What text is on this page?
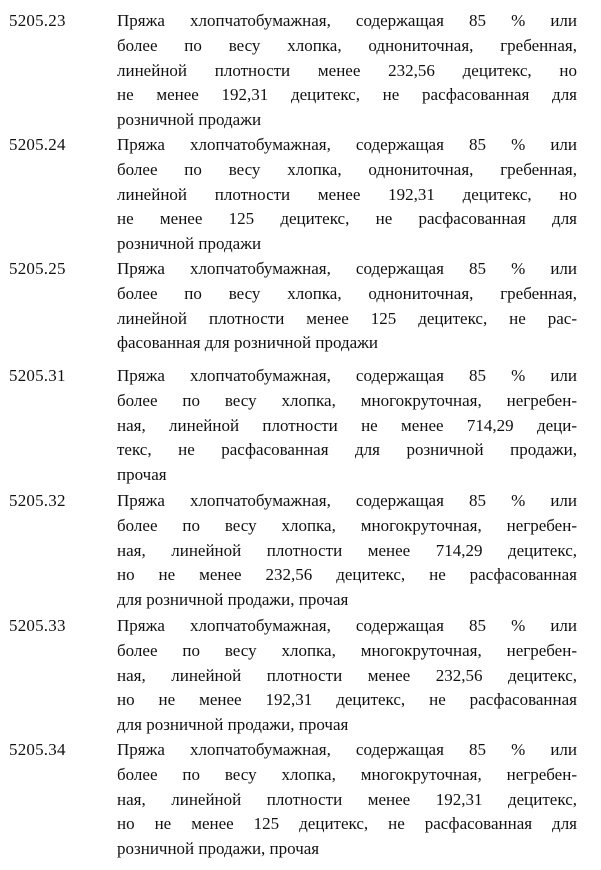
5205.23	Пряжа хлопчатобумажная, содержащая 85 % или
более по весу хлопка, однониточная, гребенная,
линейной плотности менее 232,56 децитекс, но
не менее 192,31 децитекс, не расфасованная для
розничной продажи
5205.24	Пряжа хлопчатобумажная, содержащая 85 % или
более по весу хлопка, однониточная, гребенная,
линейной плотности менее 192,31 децитекс, но
не менее 125 децитекс, не расфасованная для
розничной продажи
5205.25	Пряжа хлопчатобумажная, содержащая 85 % или
более по весу хлопка, однониточная, гребенная,
линейной плотности менее 125 децитекс, не рас-
фасованная для розничной продажи
5205.31	Пряжа хлопчатобумажная, содержащая 85 % или
более по весу хлопка, многокруточная, негребен-
ная, линейной плотности не менее 714,29 деци-
текс, не расфасованная для розничной продажи,
прочая
5205.32	Пряжа хлопчатобумажная, содержащая 85 % или
более по весу хлопка, многокруточная, негребен-
ная, линейной плотности менее 714,29 децитекс,
но не менее 232,56 децитекс, не расфасованная
для розничной продажи, прочая
5205.33	Пряжа хлопчатобумажная, содержащая 85 % или
более по весу хлопка, многокруточная, негребен-
ная, линейной плотности менее 232,56 децитекс,
но не менее 192,31 децитекс, не расфасованная
для розничной продажи, прочая
5205.34	Пряжа хлопчатобумажная, содержащая 85 % или
более по весу хлопка, многокруточная, негребен-
ная, линейной плотности менее 192,31 децитекс,
но не менее 125 децитекс, не расфасованная для
розничной продажи, прочая
